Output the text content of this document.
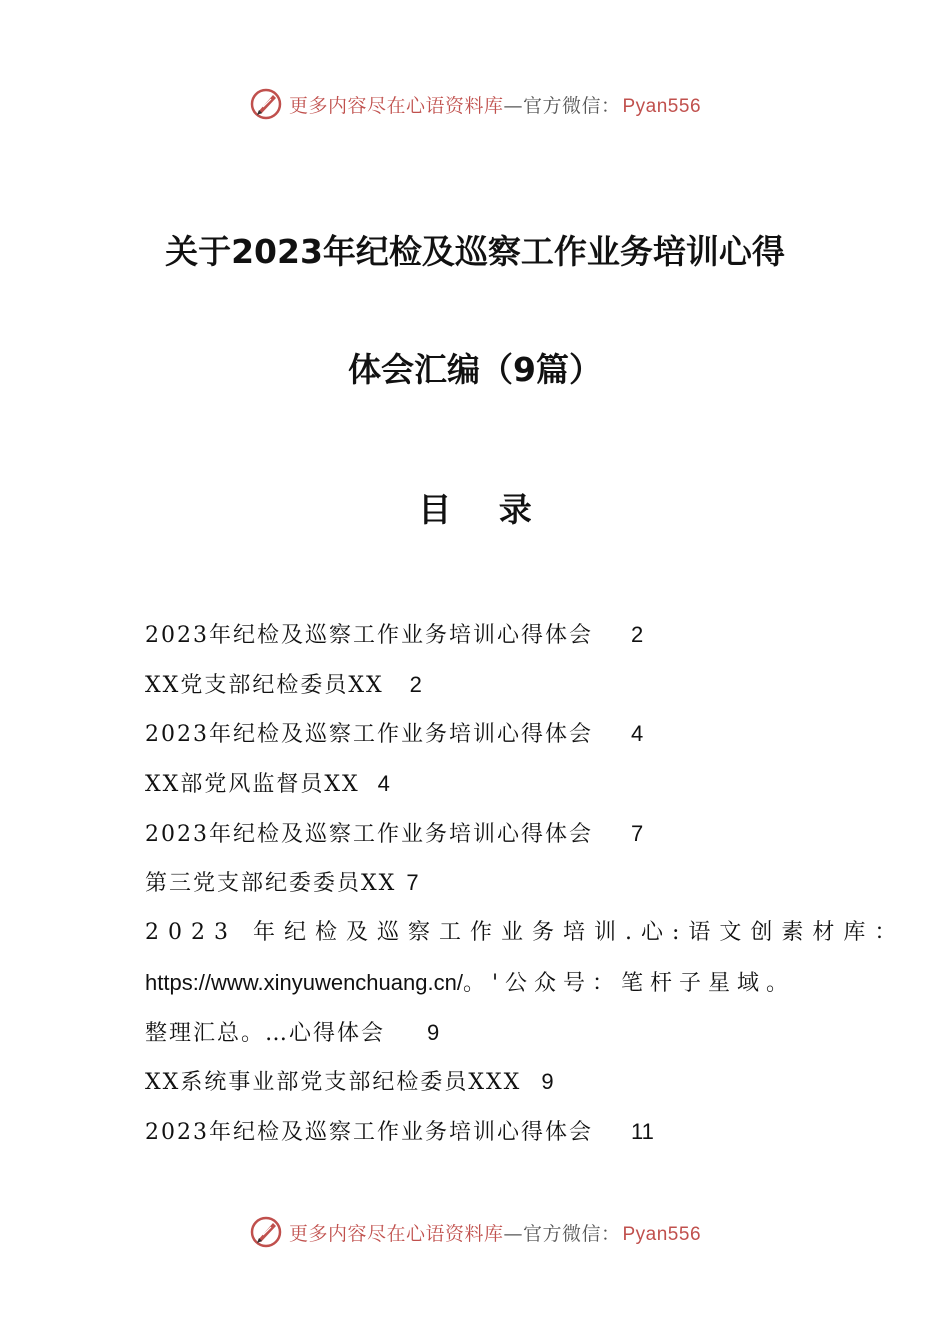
更多内容尽在心语资料库—官方微信： Pyan556
关于2023年纪检及巡察工作业务培训心得
体会汇编（9篇）
目 录
2023年纪检及巡察工作业务培训心得体会 2
XX党支部纪检委员XX 2
2023年纪检及巡察工作业务培训心得体会 4
XX部党风监督员XX 4
2023年纪检及巡察工作业务培训心得体会 7
第三党支部纪委委员XX 7
2023 年纪检及巡察工作业务培训.心:语文创素材库：
https://www.xinyuwenchuang.cn/。'公众号：笔杆子星域。
整理汇总。…心得体会 9
XX系统事业部党支部纪检委员XXX 9
2023年纪检及巡察工作业务培训心得体会 11
更多内容尽在心语资料库—官方微信： Pyan556
